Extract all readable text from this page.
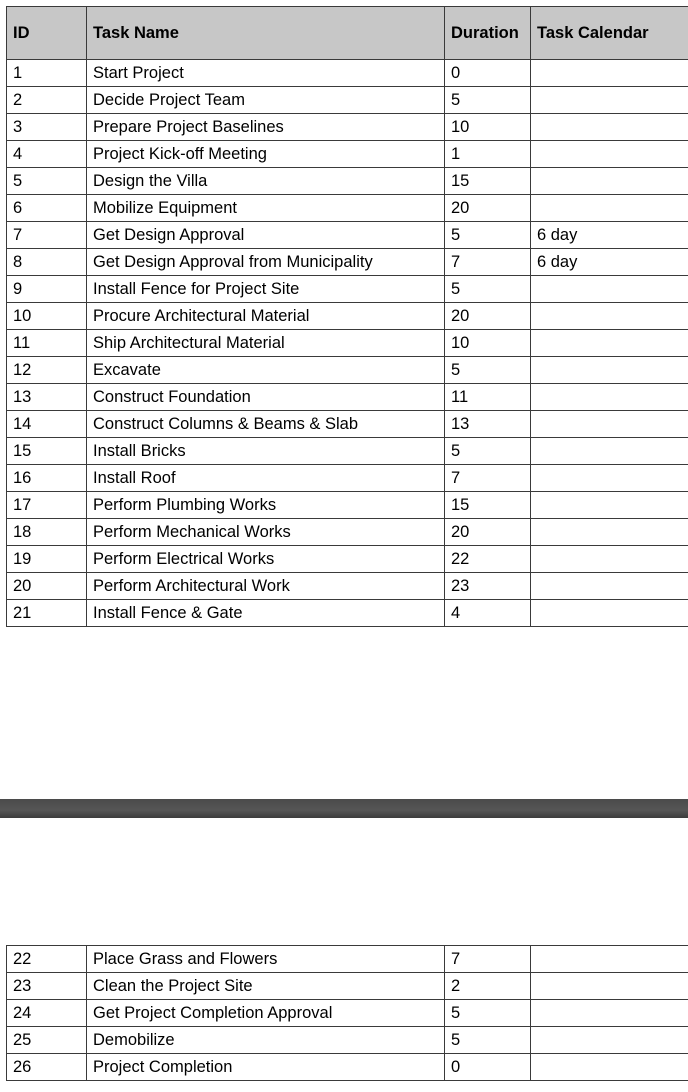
ID	Task Name	Duration	Task Calendar
1	Start Project	0	
2	Decide Project Team	5	
3	Prepare Project Baselines	10	
4	Project Kick-off Meeting	1	
5	Design the Villa	15	
6	Mobilize Equipment	20	
7	Get Design Approval	5	6 day
8	Get Design Approval from Municipality	7	6 day
9	Install Fence for Project Site	5	
10	Procure Architectural Material	20	
11	Ship Architectural Material	10	
12	Excavate	5	
13	Construct Foundation	11	
14	Construct Columns & Beams & Slab	13	
15	Install Bricks	5	
16	Install Roof	7	
17	Perform Plumbing Works	15	
18	Perform Mechanical Works	20	
19	Perform Electrical Works	22	
20	Perform Architectural Work	23	
21	Install Fence & Gate	4	
22	Place Grass and Flowers	7	
23	Clean the Project Site	2	
24	Get Project Completion Approval	5	
25	Demobilize	5	
26	Project Completion	0	
